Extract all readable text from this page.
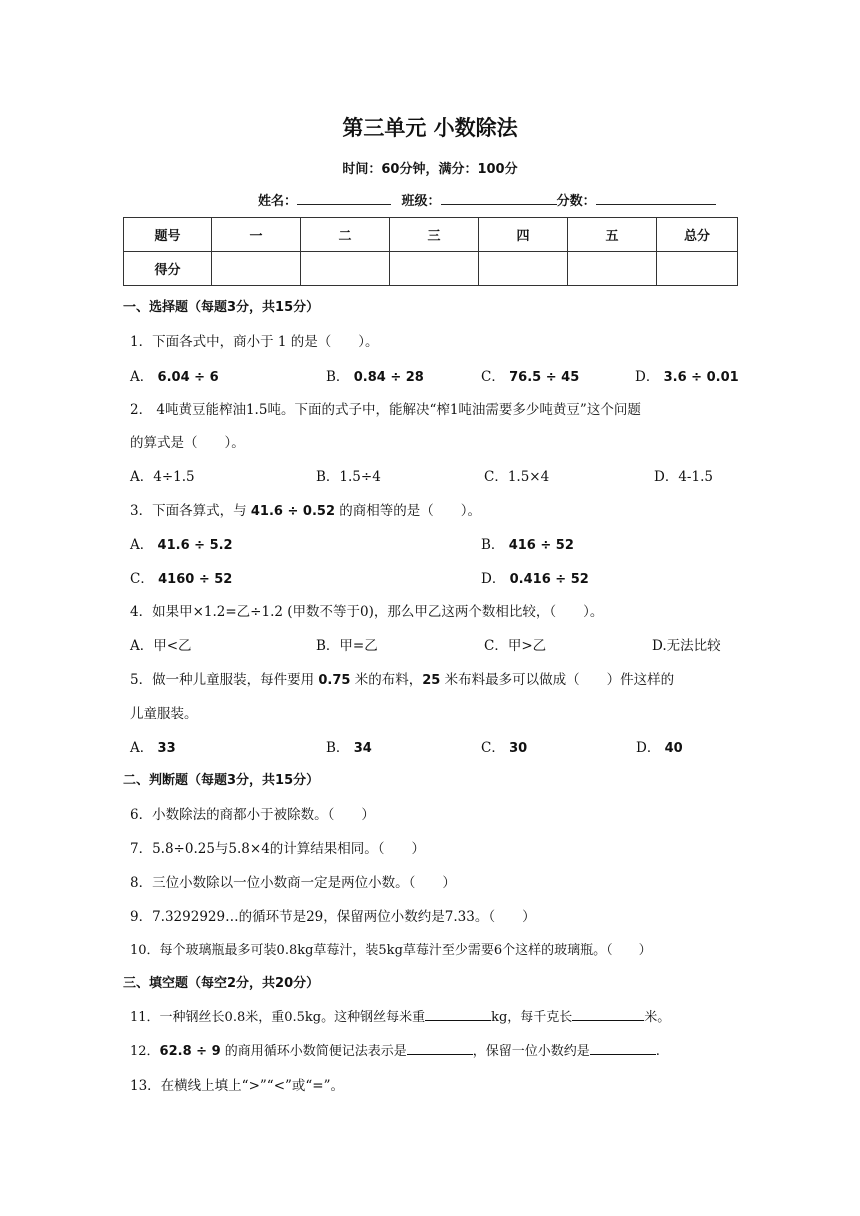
第三单元 小数除法
时间：60分钟，满分：100分
姓名：	班级：	分数：
题号	一	二	三	四	五	总分
得分						
一、选择题（每题3分，共15分）
1．下面各式中，商小于 1 的是（　　）。
A． 6.04 ÷ 6	B． 0.84 ÷ 28	C． 76.5 ÷ 45	D． 3.6 ÷ 0.01
2． 4吨黄豆能榨油1.5吨。下面的式子中，能解决“榨1吨油需要多少吨黄豆”这个问题
的算式是（　　）。
A．4÷1.5	B．1.5÷4	C．1.5×4	D．4-1.5
3．下面各算式，与 41.6 ÷ 0.52 的商相等的是（　　）。
A． 41.6 ÷ 5.2	B． 416 ÷ 52
C． 4160 ÷ 52	D． 0.416 ÷ 52
4．如果甲×1.2=乙÷1.2 (甲数不等于0)，那么甲乙这两个数相比较，（　　）。
A．甲<乙	B．甲=乙	C．甲>乙	D.无法比较
5．做一种儿童服装，每件要用 0.75 米的布料，25 米布料最多可以做成（　　）件这样的
儿童服装。
A． 33	B． 34	C． 30	D． 40
二、判断题（每题3分，共15分）
6．小数除法的商都小于被除数。（　　）
7．5.8÷0.25与5.8×4的计算结果相同。（　　）
8．三位小数除以一位小数商一定是两位小数。（　　）
9．7.3292929…的循环节是29，保留两位小数约是7.33。（　　）
10．每个玻璃瓶最多可装0.8kg草莓汁，装5kg草莓汁至少需要6个这样的玻璃瓶。（　　）
三、填空题（每空2分，共20分）
11．一种钢丝长0.8米，重0.5kg。这种钢丝每米重	kg，每千克长	米。
12．62.8 ÷ 9 的商用循环小数简便记法表示是	，保留一位小数约是	.
13．在横线上填上“>”“<”或“=”。
